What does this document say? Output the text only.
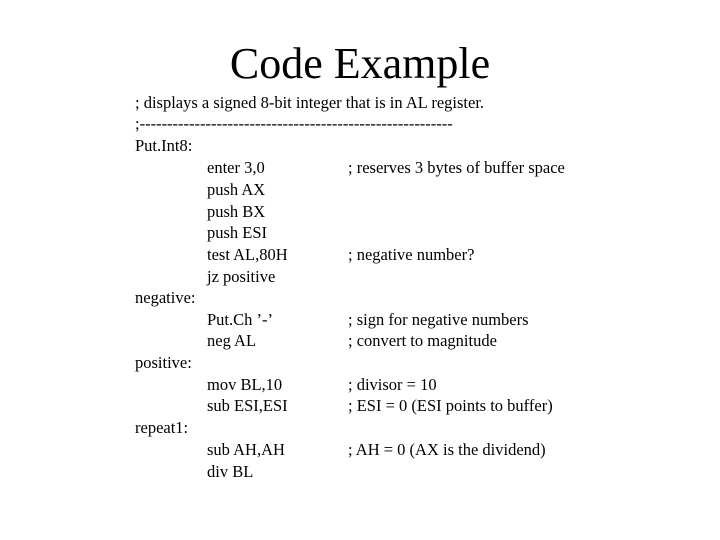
Code Example
; displays a signed 8-bit integer that is in AL register.
;---------------------------------------------------------
Put.Int8:
enter 3,0	; reserves 3 bytes of buffer space
push AX
push BX
push ESI
test AL,80H	; negative number?
jz positive
negative:
Put.Ch ’-’	; sign for negative numbers
neg AL	; convert to magnitude
positive:
mov BL,10	; divisor = 10
sub ESI,ESI	; ESI = 0 (ESI points to buffer)
repeat1:
sub AH,AH	; AH = 0 (AX is the dividend)
div BL
